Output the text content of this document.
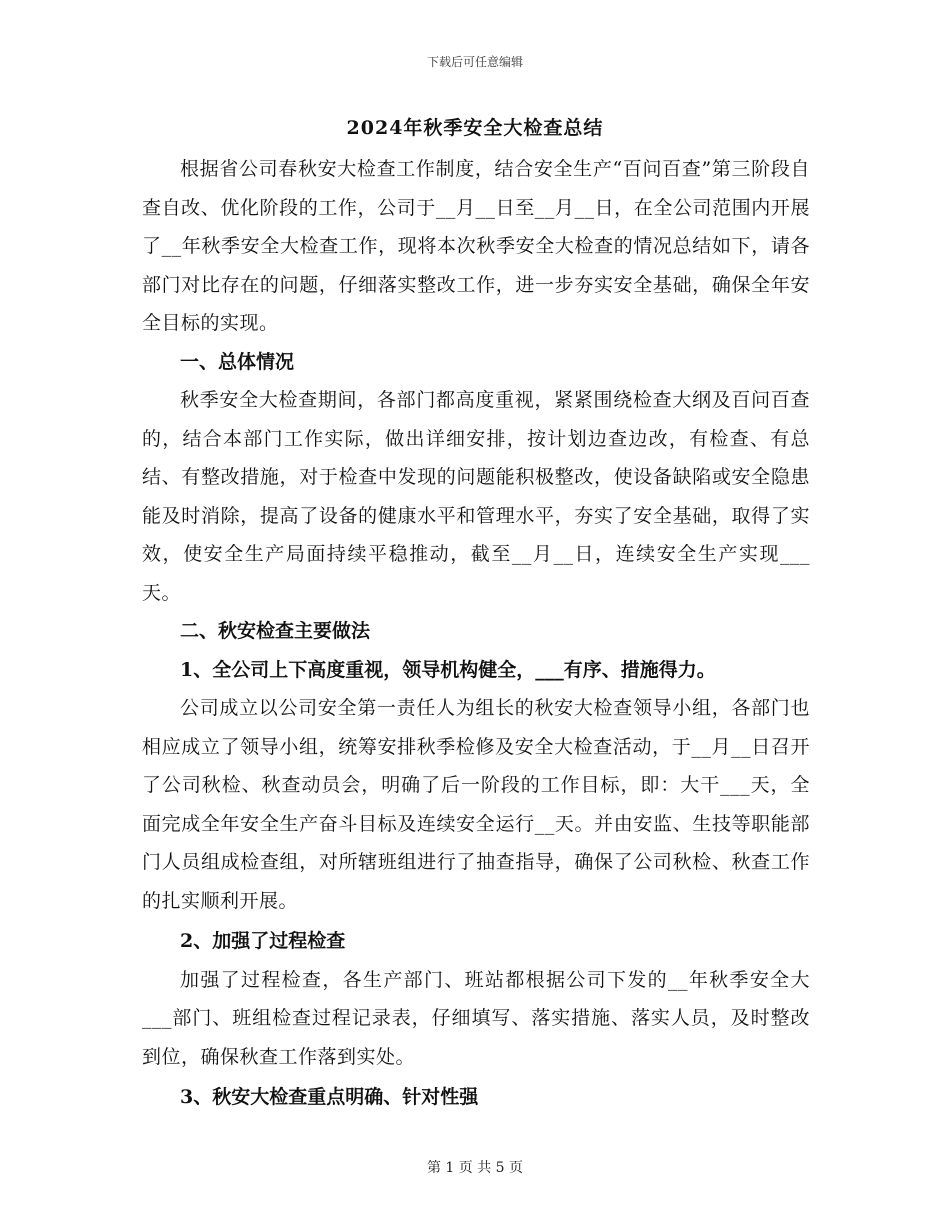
下载后可任意编辑
2024年秋季安全大检查总结

根据省公司春秋安大检查工作制度，结合安全生产“百问百查”第三阶段自查自改、优化阶段的工作，公司于__月__日至__月__日，在全公司范围内开展了__年秋季安全大检查工作，现将本次秋季安全大检查的情况总结如下，请各部门对比存在的问题，仔细落实整改工作，进一步夯实安全基础，确保全年安全目标的实现。

一、总体情况

秋季安全大检查期间，各部门都高度重视，紧紧围绕检查大纲及百问百查的，结合本部门工作实际，做出详细安排，按计划边查边改，有检查、有总结、有整改措施，对于检查中发现的问题能积极整改，使设备缺陷或安全隐患能及时消除，提高了设备的健康水平和管理水平，夯实了安全基础，取得了实效，使安全生产局面持续平稳推动，截至__月__日，连续安全生产实现___天。

二、秋安检查主要做法

1、全公司上下高度重视，领导机构健全，___有序、措施得力。

公司成立以公司安全第一责任人为组长的秋安大检查领导小组，各部门也相应成立了领导小组，统筹安排秋季检修及安全大检查活动，于__月__日召开了公司秋检、秋查动员会，明确了后一阶段的工作目标，即：大干___天，全面完成全年安全生产奋斗目标及连续安全运行__天。并由安监、生技等职能部门人员组成检查组，对所辖班组进行了抽查指导，确保了公司秋检、秋查工作的扎实顺利开展。

2、加强了过程检查

加强了过程检查，各生产部门、班站都根据公司下发的__年秋季安全大___部门、班组检查过程记录表，仔细填写、落实措施、落实人员，及时整改到位，确保秋查工作落到实处。

3、秋安大检查重点明确、针对性强

第 1 页 共 5 页
